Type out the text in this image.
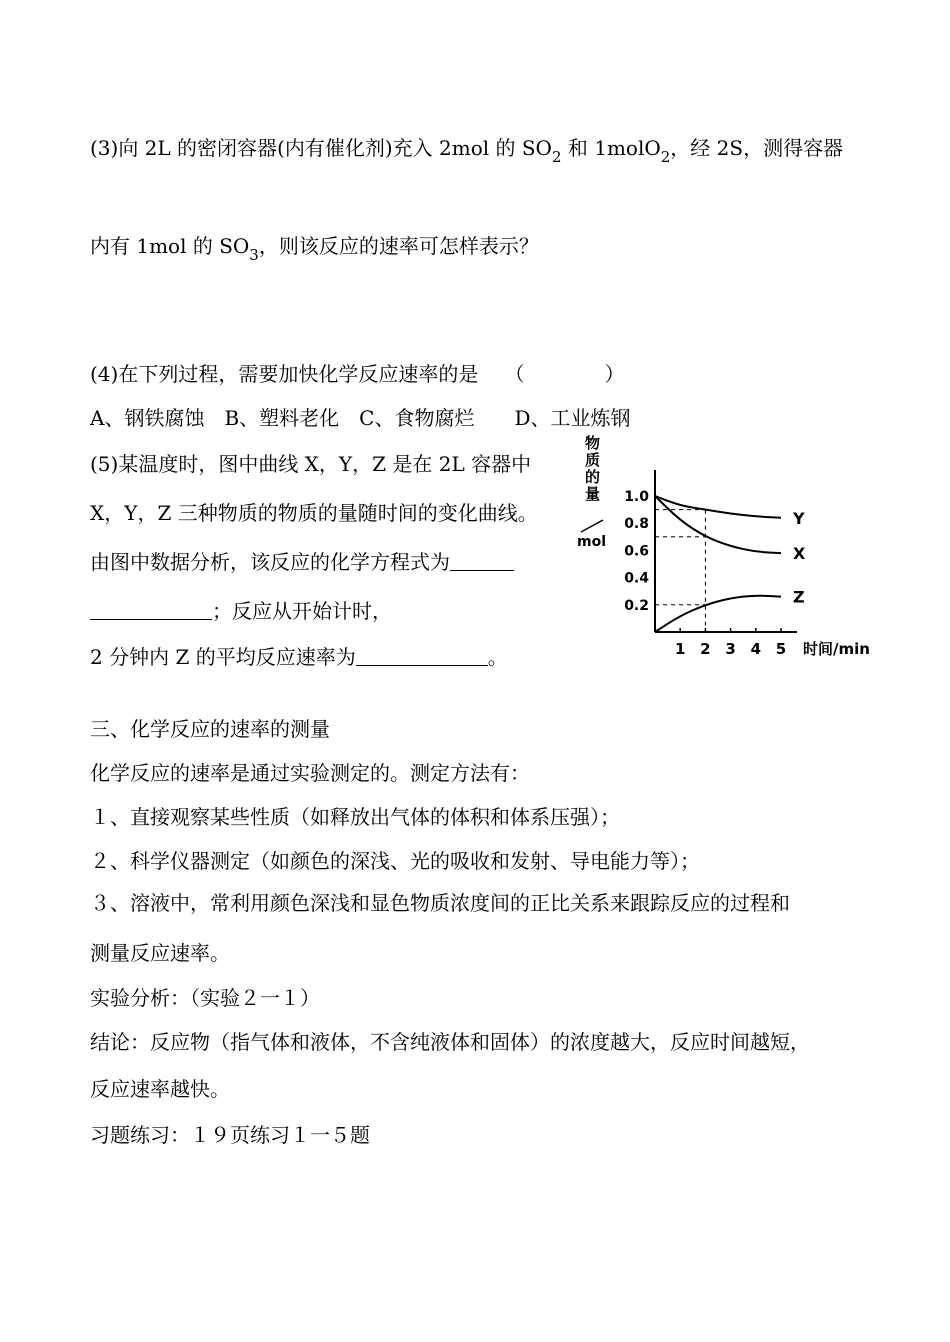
(3)向 2L 的密闭容器(内有催化剂)充入 2mol 的 $SO_2$ 和 1molO$_2$，经 2S，测得容器
内有 1mol 的 $SO_3$，则该反应的速率可怎样表示？
(4)在下列过程，需要加快化学反应速率的是　 （　　　　）
A、钢铁腐蚀　B、塑料老化　C、食物腐烂　　D、工业炼钢
(5)某温度时，图中曲线 X，Y，Z 是在 2L 容器中
X，Y，Z 三种物质的物质的量随时间的变化曲线。
由图中数据分析，该反应的化学方程式为
；反应从开始计时，
2 分钟内 Z 的平均反应速率为	。
物
质
的
量
mol
0.2
0.4
0.6
0.8
1.0
1 2 3 4 5 时间/min
Y
X
Z
三、化学反应的速率的测量
化学反应的速率是通过实验测定的。测定方法有：
１、直接观察某些性质（如释放出气体的体积和体系压强）；
２、科学仪器测定（如颜色的深浅、光的吸收和发射、导电能力等）；
３、溶液中，常利用颜色深浅和显色物质浓度间的正比关系来跟踪反应的过程和
测量反应速率。
实验分析：（实验２一１）
结论：反应物（指气体和液体，不含纯液体和固体）的浓度越大，反应时间越短，
反应速率越快。
习题练习：１９页练习１一５题
